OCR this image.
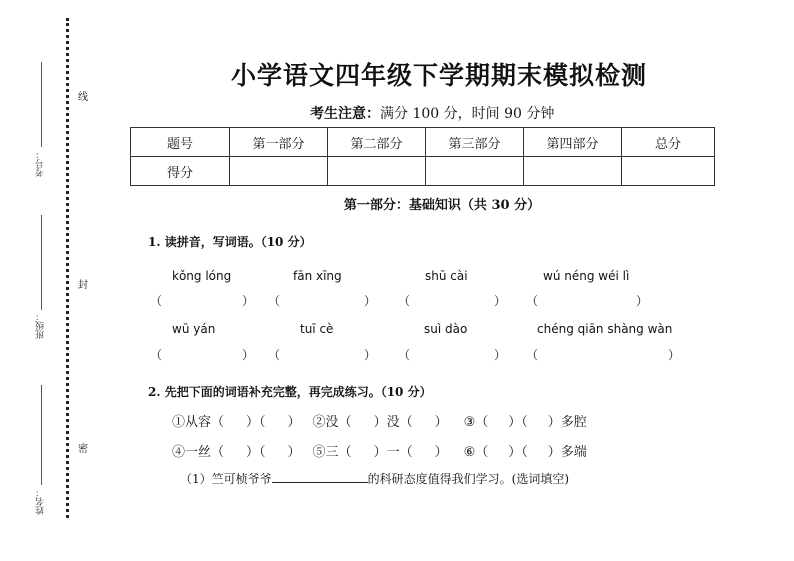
考号：
班级：
姓名：
线
封
密
小学语文四年级下学期期末模拟检测
考生注意：满分 100 分，时间 90 分钟
题号	第一部分	第二部分	第三部分	第四部分	总分
得分					
第一部分：基础知识（共 30 分）
1. 读拼音，写词语。（10 分）
kǒng lóng	fān xīng	shū cài	wú néng wéi lì
（	） （	） （	） （	）
wū yán	tuī cè	suì dào	chéng qiān shàng wàn
（	） （	） （	） （	）
2. 先把下面的词语补充完整，再完成练习。（10 分）
①从容（ ）（ ） ②没（ ）没（ ） ③（ ）（ ）多腔
④一丝（ ）（ ） ⑤三（ ）一（ ） ⑥（ ）（ ）多端
（1）竺可桢爷爷	的科研态度值得我们学习。(选词填空)
